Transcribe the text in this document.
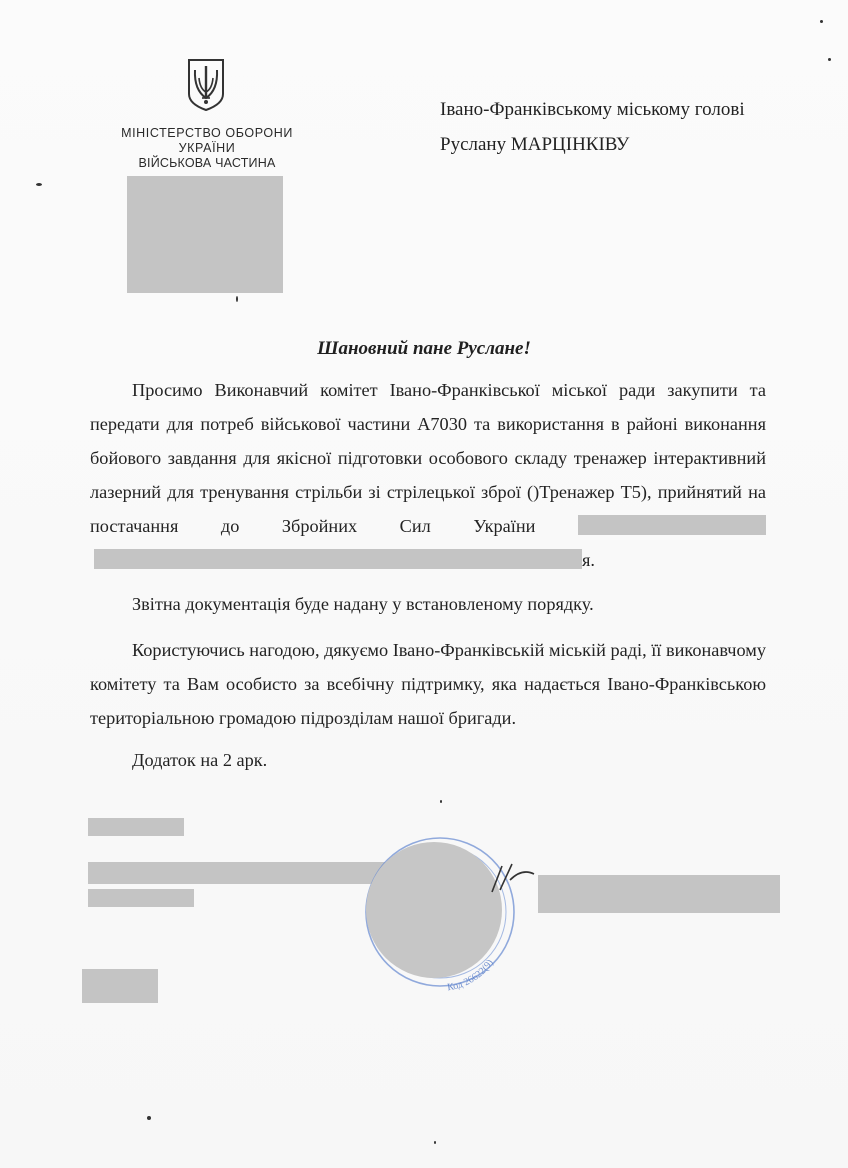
МІНІСТЕРСТВО ОБОРОНИ
УКРАЇНИ
ВІЙСЬКОВА ЧАСТИНА
Івано-Франківському міському голові
Руслану МАРЦІНКІВУ
Шановний пане Руслане!

Просимо Виконавчий комітет Івано-Франківської міської ради закупити та передати для потреб військової частини А7030 та використання в районі виконання бойового завдання для якісної підготовки особового складу тренажер інтерактивний лазерний для тренування стрільби зі стрілецької зброї ()Тренажер Т5), прийнятий на постачання до Збройних Сил України  я.

Звітна документація буде надану у встановленому порядку.

Користуючись нагодою, дякуємо Івано-Франківській міській раді, її виконавчому комітету та Вам особисто за всебічну підтримку, яка надається Івано-Франківською територіальною громадою підрозділам нашої бригади.

Додаток на 2 арк.

Код 26622(9)
